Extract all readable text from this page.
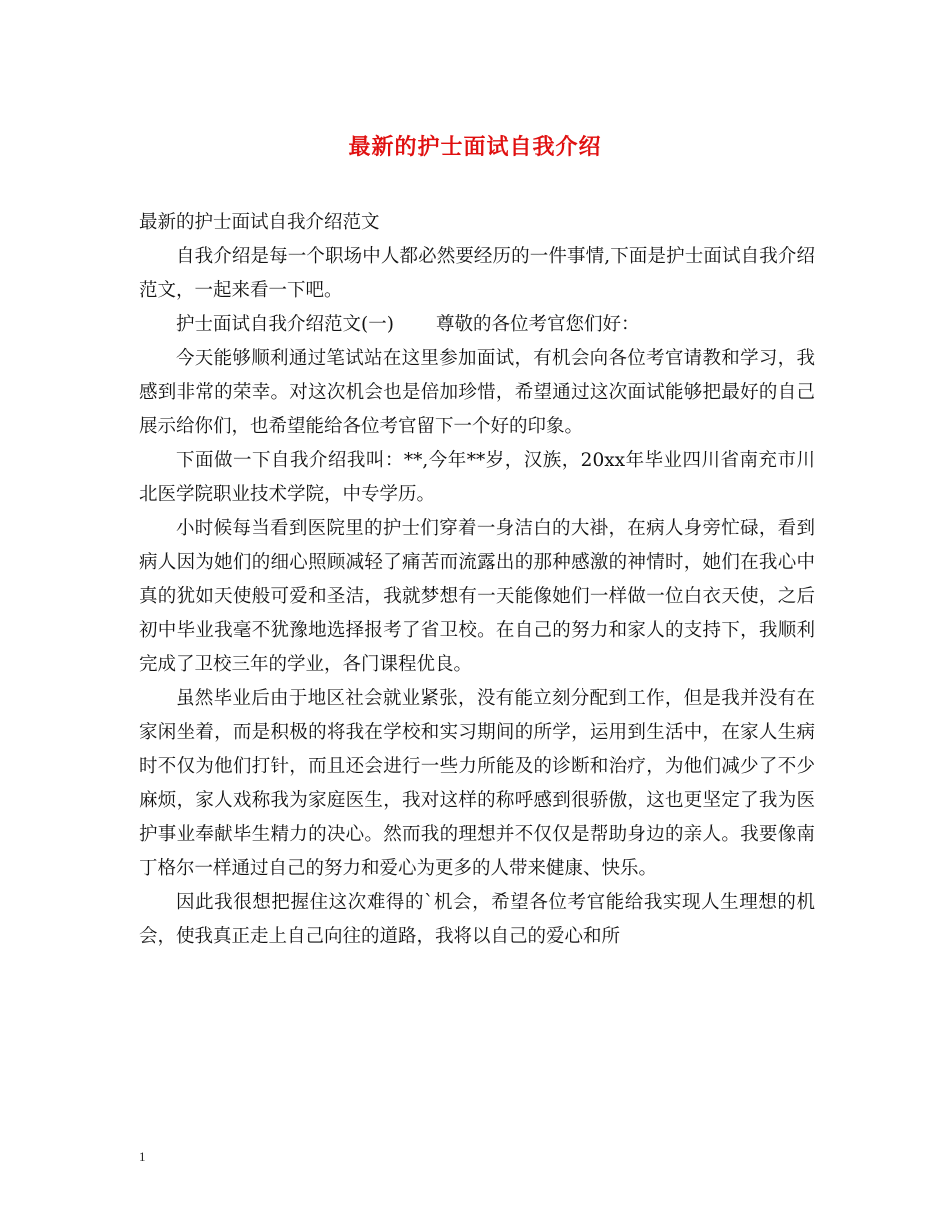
最新的护士面试自我介绍

最新的护士面试自我介绍范文

自我介绍是每一个职场中人都必然要经历的一件事情,下面是护士面试自我介绍范文，一起来看一下吧。

护士面试自我介绍范文(一) 尊敬的各位考官您们好：

今天能够顺利通过笔试站在这里参加面试，有机会向各位考官请教和学习，我感到非常的荣幸。对这次机会也是倍加珍惜，希望通过这次面试能够把最好的自己展示给你们，也希望能给各位考官留下一个好的印象。

下面做一下自我介绍我叫：**,今年**岁，汉族，20xx年毕业四川省南充市川北医学院职业技术学院，中专学历。

小时候每当看到医院里的护士们穿着一身洁白的大褂，在病人身旁忙碌，看到病人因为她们的细心照顾减轻了痛苦而流露出的那种感激的神情时，她们在我心中真的犹如天使般可爱和圣洁，我就梦想有一天能像她们一样做一位白衣天使，之后初中毕业我毫不犹豫地选择报考了省卫校。在自己的努力和家人的支持下，我顺利完成了卫校三年的学业，各门课程优良。

虽然毕业后由于地区社会就业紧张，没有能立刻分配到工作，但是我并没有在家闲坐着，而是积极的将我在学校和实习期间的所学，运用到生活中，在家人生病时不仅为他们打针，而且还会进行一些力所能及的诊断和治疗，为他们减少了不少麻烦，家人戏称我为家庭医生，我对这样的称呼感到很骄傲，这也更坚定了我为医护事业奉献毕生精力的决心。然而我的理想并不仅仅是帮助身边的亲人。我要像南丁格尔一样通过自己的努力和爱心为更多的人带来健康、快乐。

因此我很想把握住这次难得的`机会，希望各位考官能给我实现人生理想的机会，使我真正走上自己向往的道路，我将以自己的爱心和所

1
